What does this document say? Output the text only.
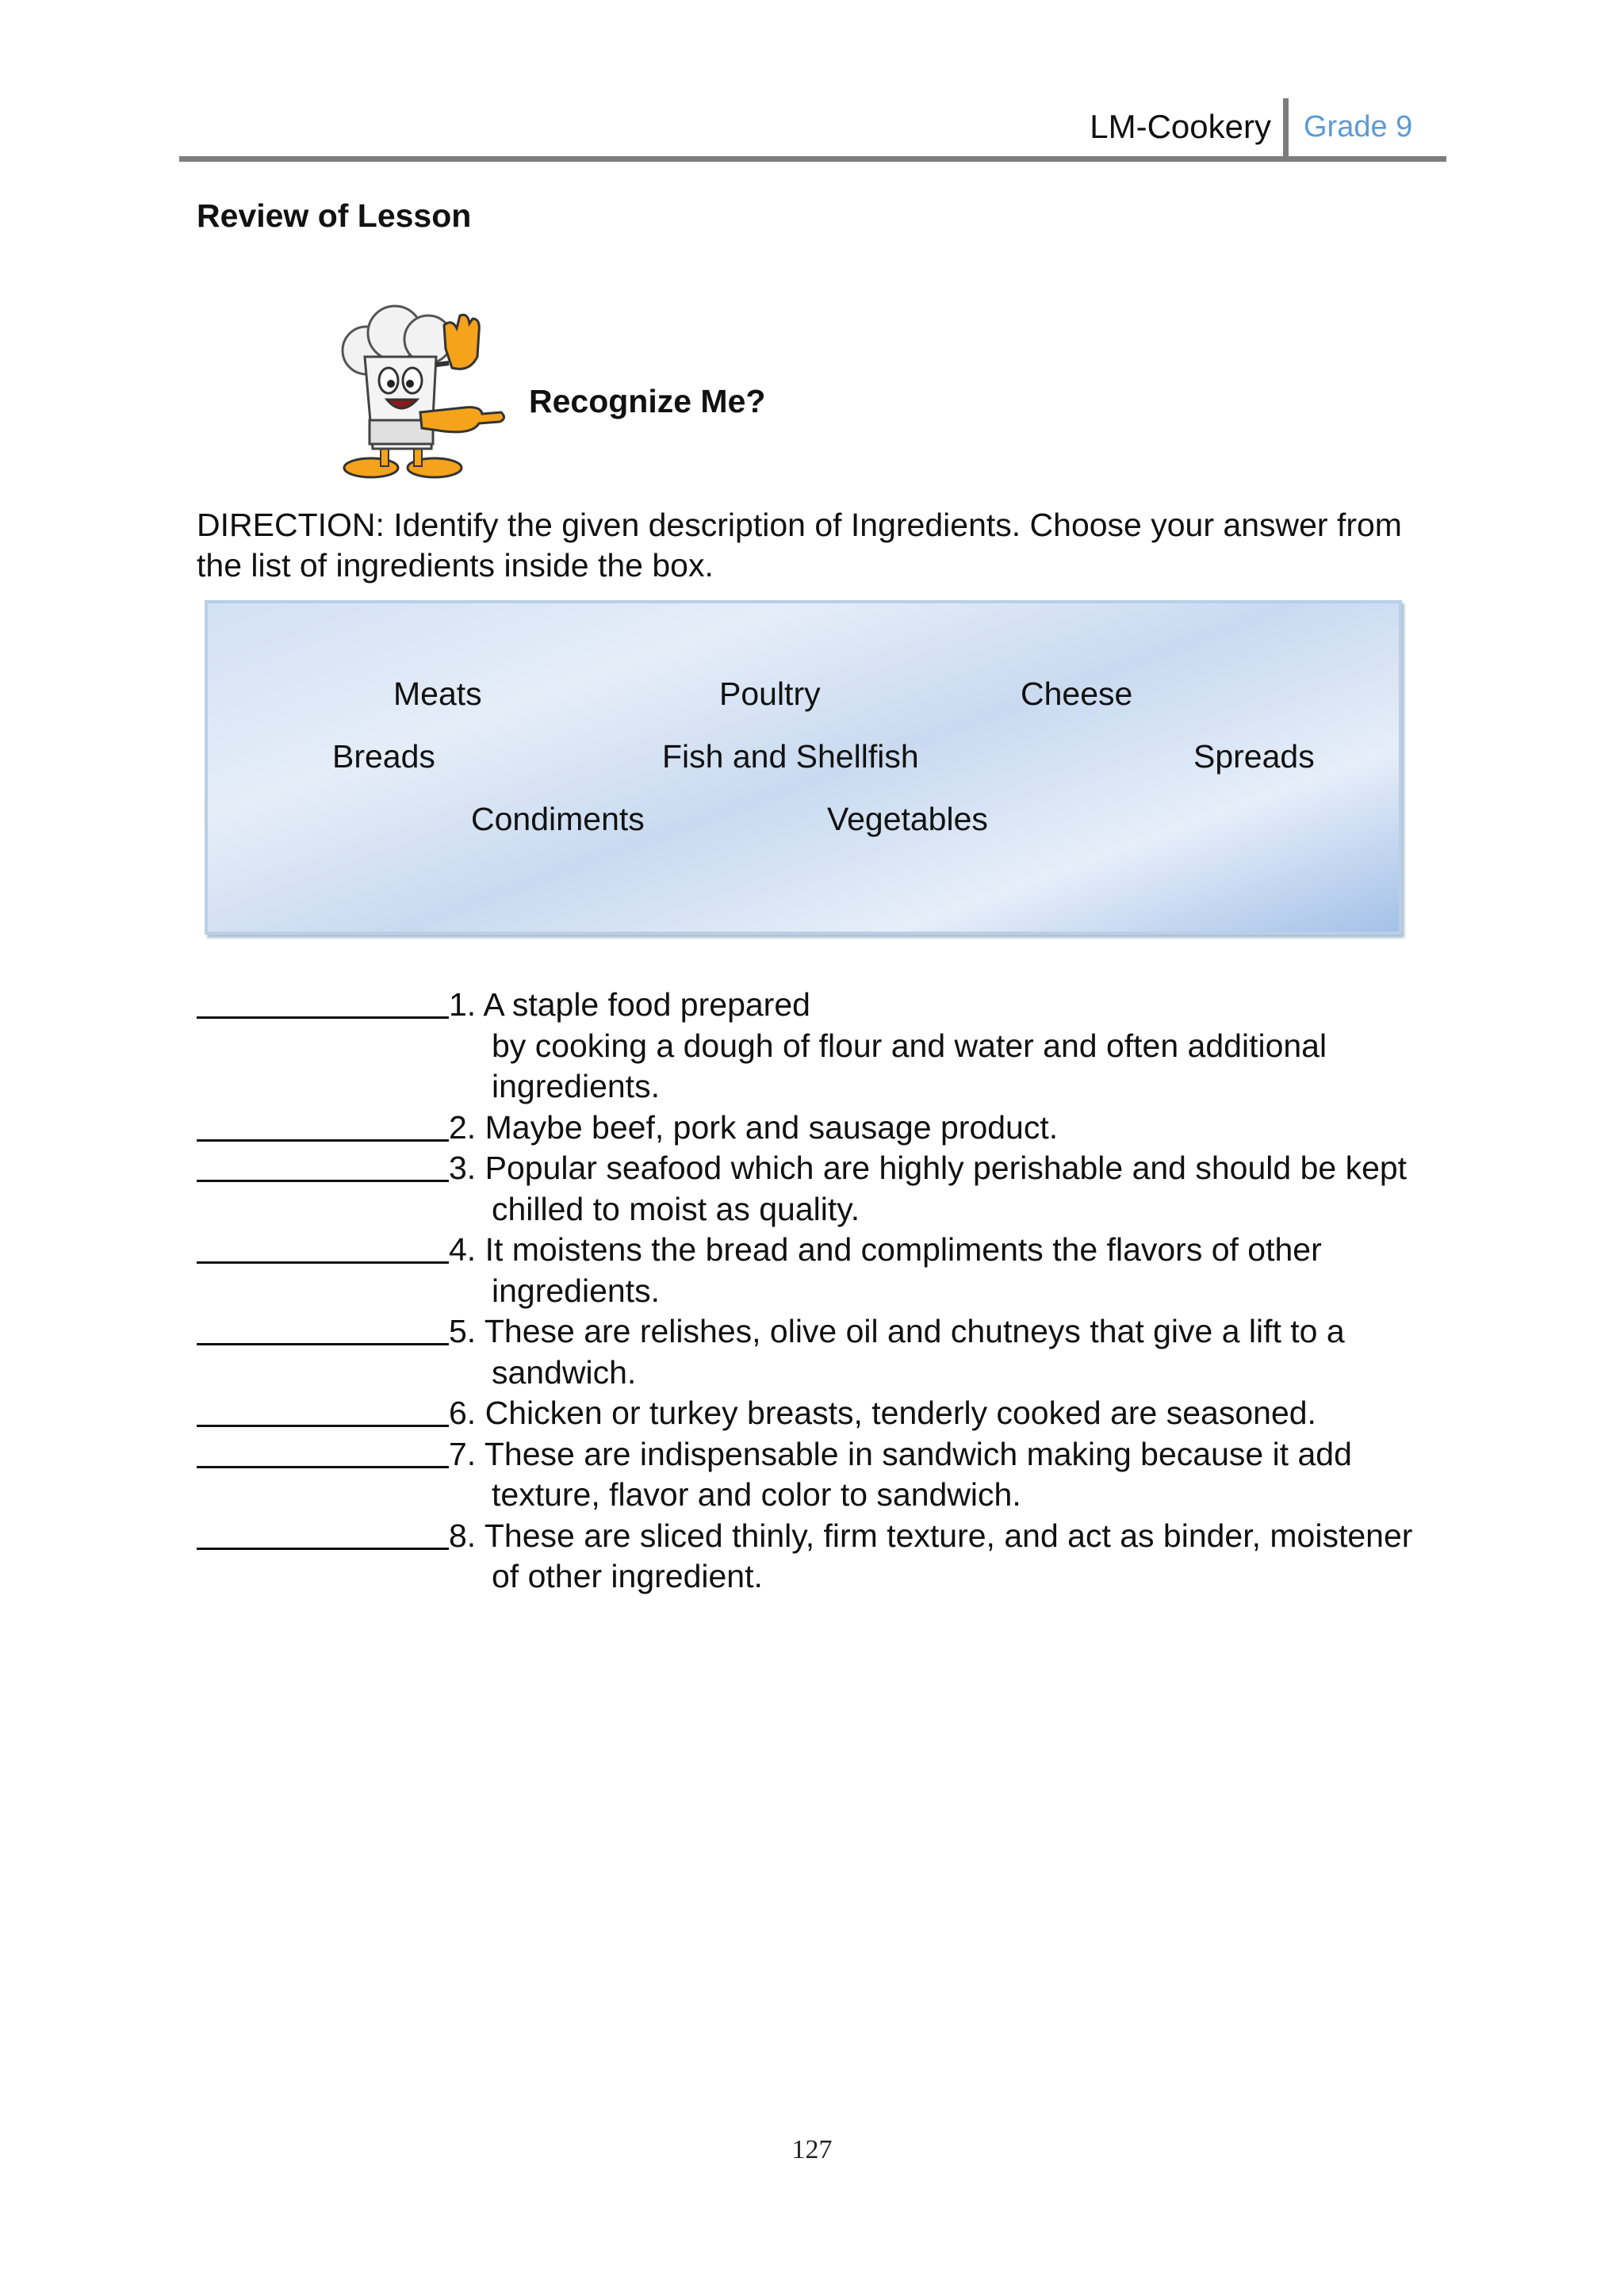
LM-Cookery Grade 9
Review of Lesson
Recognize Me?
DIRECTION: Identify the given description of Ingredients. Choose your answer from the list of ingredients inside the box.
Meats	Poultry	Cheese
Breads	Fish and Shellfish	Spreads
Condiments	Vegetables
1. A staple food prepared
by cooking a dough of flour and water and often additional
ingredients.
2. Maybe beef, pork and sausage product.
3. Popular seafood which are highly perishable and should be kept
chilled to moist as quality.
4. It moistens the bread and compliments the flavors of other
ingredients.
5. These are relishes, olive oil and chutneys that give a lift to a
sandwich.
6. Chicken or turkey breasts, tenderly cooked are seasoned.
7. These are indispensable in sandwich making because it add
texture, flavor and color to sandwich.
8. These are sliced thinly, firm texture, and act as binder, moistener
of other ingredient.
127
